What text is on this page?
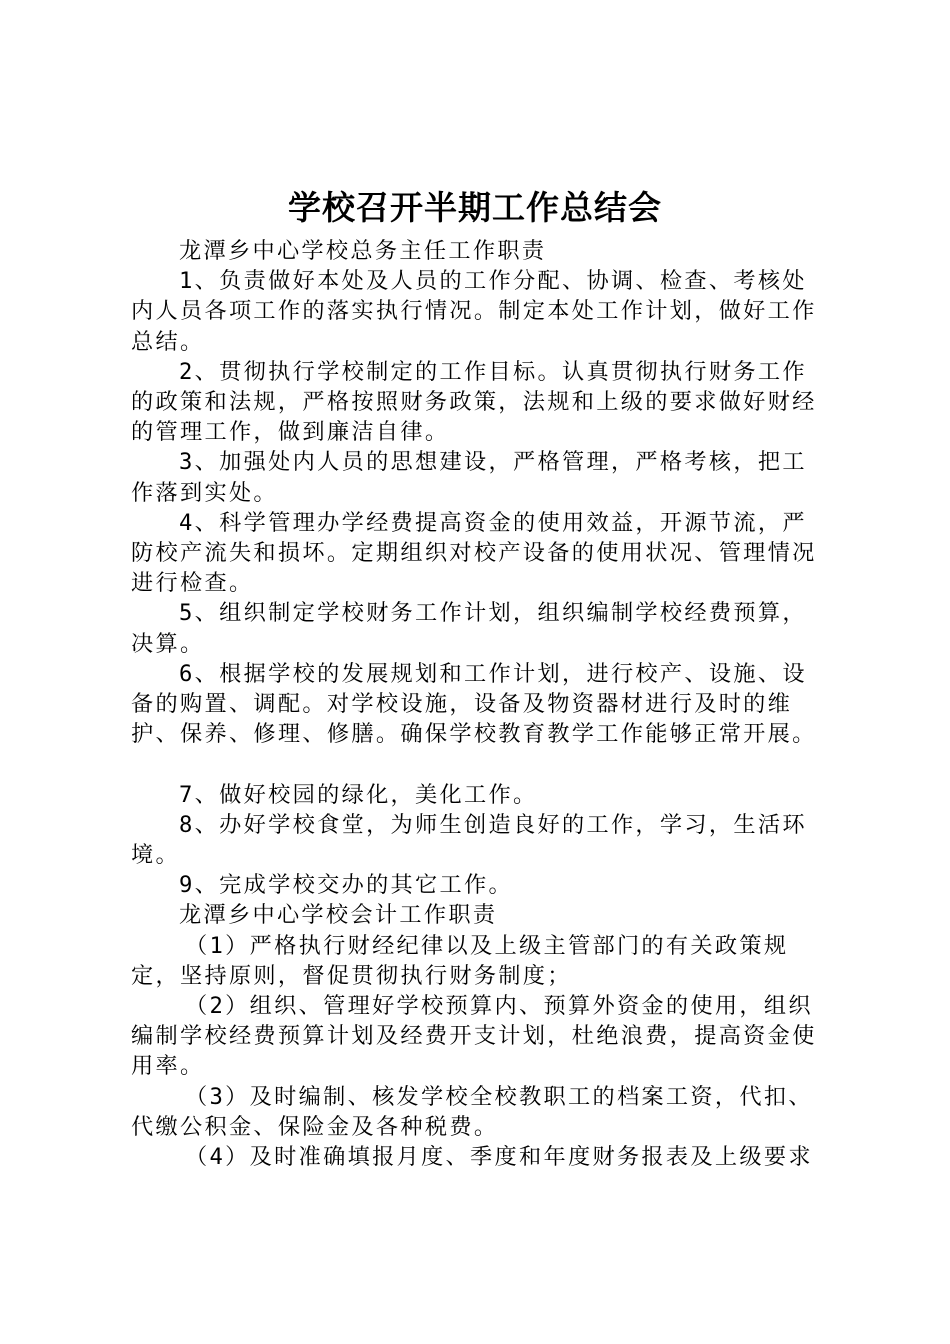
学校召开半期工作总结会

龙潭乡中心学校总务主任工作职责

1、负责做好本处及人员的工作分配、协调、检查、考核处内人员各项工作的落实执行情况。制定本处工作计划，做好工作总结。

2、贯彻执行学校制定的工作目标。认真贯彻执行财务工作的政策和法规，严格按照财务政策，法规和上级的要求做好财经的管理工作，做到廉洁自律。

3、加强处内人员的思想建设，严格管理，严格考核，把工作落到实处。

4、科学管理办学经费提高资金的使用效益，开源节流，严防校产流失和损坏。定期组织对校产设备的使用状况、管理情况进行检查。

5、组织制定学校财务工作计划，组织编制学校经费预算，决算。

6、根据学校的发展规划和工作计划，进行校产、设施、设备的购置、调配。对学校设施，设备及物资器材进行及时的维护、保养、修理、修膳。确保学校教育教学工作能够正常开展。

7、做好校园的绿化，美化工作。

8、办好学校食堂，为师生创造良好的工作，学习，生活环境。

9、完成学校交办的其它工作。

龙潭乡中心学校会计工作职责

（1）严格执行财经纪律以及上级主管部门的有关政策规定，坚持原则，督促贯彻执行财务制度；

（2）组织、管理好学校预算内、预算外资金的使用，组织编制学校经费预算计划及经费开支计划，杜绝浪费，提高资金使用率。

（3）及时编制、核发学校全校教职工的档案工资，代扣、代缴公积金、保险金及各种税费。

（4）及时准确填报月度、季度和年度财务报表及上级要求
